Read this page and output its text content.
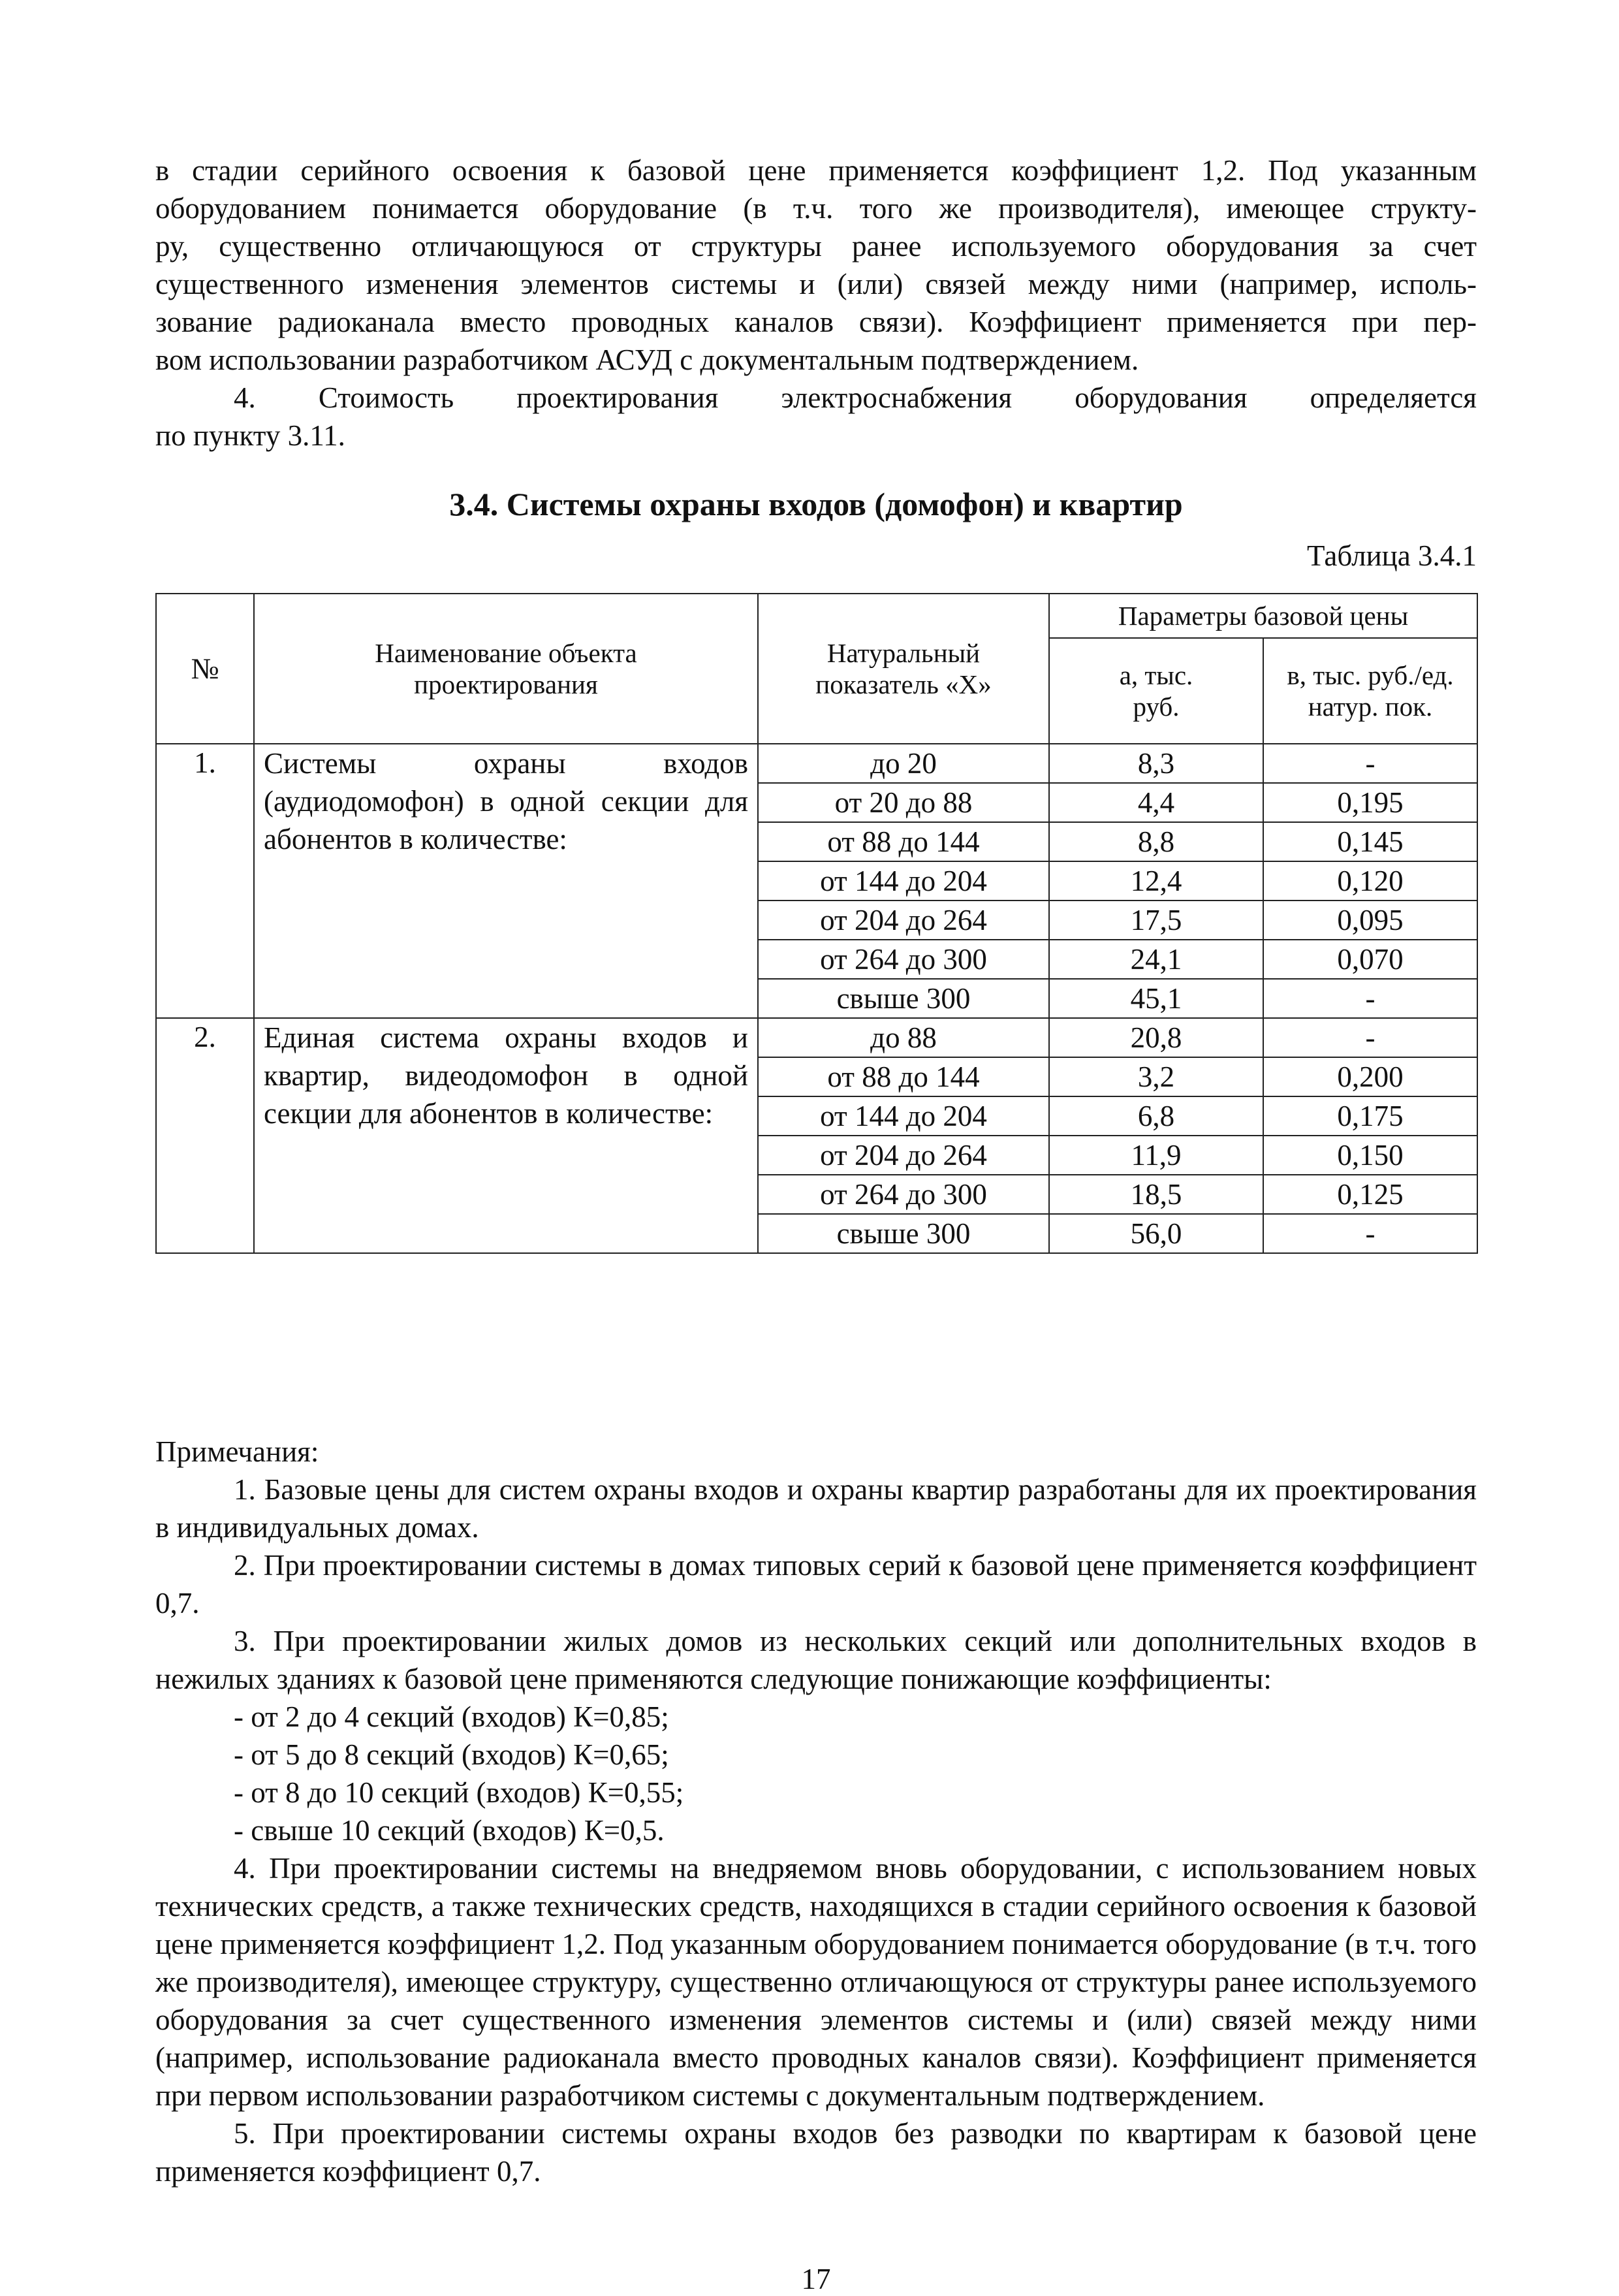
в стадии серийного освоения к базовой цене применяется коэффициент 1,2. Под указанным

оборудованием понимается оборудование (в т.ч. того же производителя), имеющее структу-

ру, существенно отличающуюся от структуры ранее используемого оборудования за счет

существенного изменения элементов системы и (или) связей между ними (например, исполь-

зование радиоканала вместо проводных каналов связи). Коэффициент применяется при пер-

вом использовании разработчиком АСУД с документальным подтверждением.

4. Стоимость проектирования электроснабжения оборудования определяется

по пункту 3.11.

3.4. Системы охраны входов (домофон) и квартир
Таблица 3.4.1
№	Наименование объекта проектирования	Натуральный показатель «Х»	Параметры базовой цены	
			а, тыс. руб.	в, тыс. руб./ед. натур. пок.
1.	Системы охраны входов (аудиодомофон) в одной секции для абонентов в количестве:	до 20	8,3	-
		от 20 до 88	4,4	0,195
		от 88 до 144	8,8	0,145
		от 144 до 204	12,4	0,120
		от 204 до 264	17,5	0,095
		от 264 до 300	24,1	0,070
		свыше 300	45,1	-
2.	Единая система охраны входов и квартир, видеодомофон в одной секции для абонентов в количестве:	до 88	20,8	-
		от 88 до 144	3,2	0,200
		от 144 до 204	6,8	0,175
		от 204 до 264	11,9	0,150
		от 264 до 300	18,5	0,125
		свыше 300	56,0	-

Примечания:

1. Базовые цены для систем охраны входов и охраны квартир разработаны для их проектирования в индивидуальных домах.

2. При проектировании системы в домах типовых серий к базовой цене применяется коэффициент 0,7.

3. При проектировании жилых домов из нескольких секций или дополнительных входов в нежилых зданиях к базовой цене применяются следующие понижающие коэффициенты:

- от 2 до 4 секций (входов) К=0,85;

- от 5 до 8 секций (входов) К=0,65;

- от 8 до 10 секций (входов) К=0,55;

- свыше 10 секций (входов) К=0,5.

4. При проектировании системы на внедряемом вновь оборудовании, с использованием новых технических средств, а также технических средств, находящихся в стадии серийного освоения к базовой цене применяется коэффициент 1,2. Под указанным оборудованием понимается оборудование (в т.ч. того же производителя), имеющее структуру, существенно отличающуюся от структуры ранее используемого оборудования за счет существенного изменения элементов системы и (или) связей между ними (например, использование радиоканала вместо проводных каналов связи). Коэффициент применяется при первом использовании разработчиком системы с документальным подтверждением.

5. При проектировании системы охраны входов без разводки по квартирам к базовой цене применяется коэффициент 0,7.

17
